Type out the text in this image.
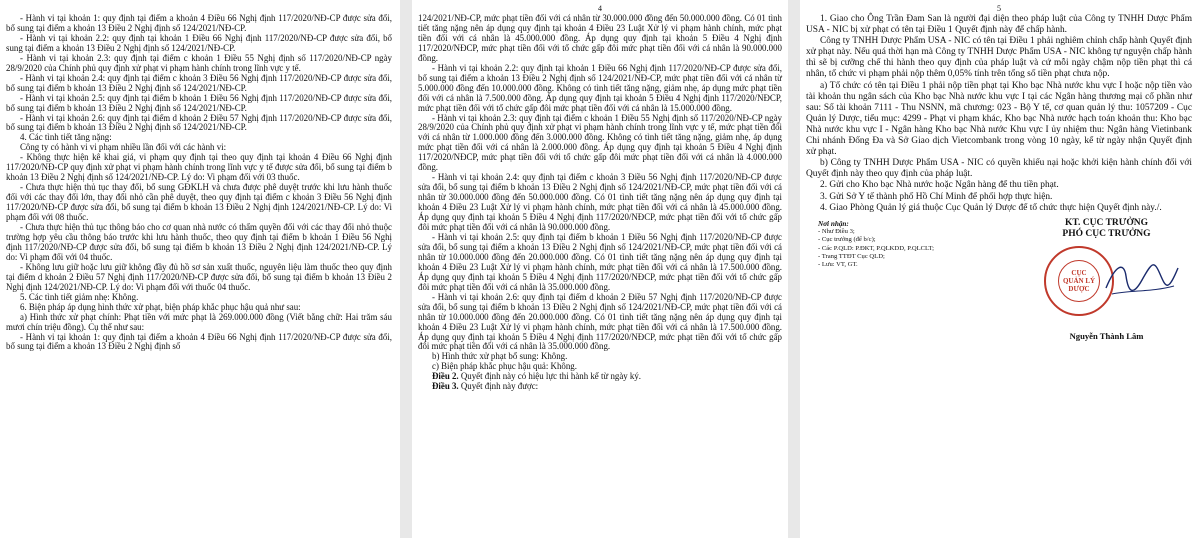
- Hành vi tại khoản 1: quy định tại điểm a khoản 4 Điều 66 Nghị định 117/2020/NĐ-CP được sửa đổi, bổ sung tại điểm a khoản 13 Điều 2 Nghị định số 124/2021/NĐ-CP.

- Hành vi tại khoản 2.2: quy định tại khoản 1 Điều 66 Nghị định 117/2020/NĐ-CP được sửa đổi, bổ sung tại điểm a khoản 13 Điều 2 Nghị định số 124/2021/NĐ-CP.

- Hành vi tại khoản 2.3: quy định tại điểm c khoản 1 Điều 55 Nghị định số 117/2020/NĐ-CP ngày 28/9/2020 của Chính phủ quy định xử phạt vi phạm hành chính trong lĩnh vực y tế.

- Hành vi tại khoản 2.4: quy định tại điểm c khoản 3 Điều 56 Nghị định 117/2020/NĐ-CP được sửa đổi, bổ sung tại điểm b khoản 13 Điều 2 Nghị định số 124/2021/NĐ-CP.

- Hành vi tại khoản 2.5: quy định tại điểm b khoản 1 Điều 56 Nghị định 117/2020/NĐ-CP được sửa đổi, bổ sung tại điểm b khoản 13 Điều 2 Nghị định số 124/2021/NĐ-CP.

- Hành vi tại khoản 2.6: quy định tại điểm d khoản 2 Điều 57 Nghị định 117/2020/NĐ-CP được sửa đổi, bổ sung tại điểm b khoản 13 Điều 2 Nghị định số 124/2021/NĐ-CP.

4. Các tình tiết tăng nặng:

Công ty có hành vi vi phạm nhiều lần đối với các hành vi:

- Không thực hiện kê khai giá, vi phạm quy định tại theo quy định tại khoản 4 Điều 66 Nghị định 117/2020/NĐ-CP quy định xử phạt vi phạm hành chính trong lĩnh vực y tế được sửa đổi, bổ sung tại điểm b khoản 13 Điều 2 Nghị định số 124/2021/NĐ-CP. Lý do: Vi phạm đối với 03 thuốc.

- Chưa thực hiện thủ tục thay đổi, bổ sung GĐKLH và chưa được phê duyệt trước khi lưu hành thuốc đối với các thay đổi lớn, thay đổi nhỏ cần phê duyệt, theo quy định tại điểm c khoản 3 Điều 56 Nghị định 117/2020/NĐ-CP được sửa đổi, bổ sung tại điểm b khoản 13 Điều 2 Nghị định 124/2021/NĐ-CP. Lý do: Vi phạm đối với 08 thuốc.

- Chưa thực hiện thủ tục thông báo cho cơ quan nhà nước có thẩm quyền đối với các thay đổi nhỏ thuộc trường hợp yêu cầu thông báo trước khi lưu hành thuốc, theo quy định tại điểm b khoản 1 Điều 56 Nghị định 117/2020/NĐ-CP được sửa đổi, bổ sung tại điểm b khoản 13 Điều 2 Nghị định 124/2021/NĐ-CP. Lý do: Vi phạm đối với 04 thuốc.

- Không lưu giữ hoặc lưu giữ không đầy đủ hồ sơ sản xuất thuốc, nguyên liệu làm thuốc theo quy định tại điểm d khoản 2 Điều 57 Nghị định 117/2020/NĐ-CP được sửa đổi, bổ sung tại điểm b khoản 13 Điều 2 Nghị định 124/2021/NĐ-CP. Lý do: Vi phạm đối với thuốc 04 thuốc.

5. Các tình tiết giảm nhẹ: Không.

6. Biện pháp áp dụng hình thức xử phạt, biện pháp khắc phục hậu quả như sau:

a) Hình thức xử phạt chính: Phạt tiền với mức phạt là 269.000.000 đồng (Viết bằng chữ: Hai trăm sáu mươi chín triệu đồng). Cụ thể như sau:

- Hành vi tại khoản 1: quy định tại điểm a khoản 4 Điều 66 Nghị định 117/2020/NĐ-CP được sửa đổi, bổ sung tại điểm a khoản 13 Điều 2 Nghị định số

4

124/2021/NĐ-CP, mức phạt tiền đối với cá nhân từ 30.000.000 đồng đến 50.000.000 đồng. Có 01 tình tiết tăng nặng nên áp dụng quy định tại khoản 4 Điều 23 Luật Xử lý vi phạm hành chính, mức phạt tiền đối với cá nhân là 45.000.000 đồng. Áp dụng quy định tại khoản 5 Điều 4 Nghị định 117/2020/NĐCP, mức phạt tiền đối với tổ chức gấp đôi mức phạt tiền đối với cá nhân là 90.000.000 đồng.

- Hành vi tại khoản 2.2: quy định tại khoản 1 Điều 66 Nghị định 117/2020/NĐ-CP được sửa đổi, bổ sung tại điểm a khoản 13 Điều 2 Nghị định số 124/2021/NĐ-CP, mức phạt tiền đối với cá nhân từ 5.000.000 đồng đến 10.000.000 đồng. Không có tình tiết tăng nặng, giảm nhẹ, áp dụng mức phạt tiền đối với cá nhân là 7.500.000 đồng. Áp dụng quy định tại khoản 5 Điều 4 Nghị định 117/2020/NĐCP, mức phạt tiền đối với tổ chức gấp đôi mức phạt tiền đối với cá nhân là 15.000.000 đồng.

- Hành vi tại khoản 2.3: quy định tại điểm c khoản 1 Điều 55 Nghị định số 117/2020/NĐ-CP ngày 28/9/2020 của Chính phủ quy định xử phạt vi phạm hành chính trong lĩnh vực y tế, mức phạt tiền đối với cá nhân từ 1.000.000 đồng đến 3.000.000 đồng. Không có tình tiết tăng nặng, giảm nhẹ, áp dụng mức phạt tiền đối với cá nhân là 2.000.000 đồng. Áp dụng quy định tại khoản 5 Điều 4 Nghị định 117/2020/NĐCP, mức phạt tiền đối với tổ chức gấp đôi mức phạt tiền đối với cá nhân là 4.000.000 đồng.

- Hành vi tại khoản 2.4: quy định tại điểm c khoản 3 Điều 56 Nghị định 117/2020/NĐ-CP được sửa đổi, bổ sung tại điểm b khoản 13 Điều 2 Nghị định số 124/2021/NĐ-CP, mức phạt tiền đối với cá nhân từ 30.000.000 đồng đến 50.000.000 đồng. Có 01 tình tiết tăng nặng nên áp dụng quy định tại khoản 4 Điều 23 Luật Xử lý vi phạm hành chính, mức phạt tiền đối với cá nhân là 45.000.000 đồng. Áp dụng quy định tại khoản 5 Điều 4 Nghị định 117/2020/NĐCP, mức phạt tiền đối với tổ chức gấp đôi mức phạt tiền đối với cá nhân là 90.000.000 đồng.

- Hành vi tại khoản 2.5: quy định tại điểm b khoản 1 Điều 56 Nghị định 117/2020/NĐ-CP được sửa đổi, bổ sung tại điểm a khoản 13 Điều 2 Nghị định số 124/2021/NĐ-CP, mức phạt tiền đối với cá nhân từ 10.000.000 đồng đến 20.000.000 đồng. Có 01 tình tiết tăng nặng nên áp dụng quy định tại khoản 4 Điều 23 Luật Xử lý vi phạm hành chính, mức phạt tiền đối với cá nhân là 17.500.000 đồng. Áp dụng quy định tại khoản 5 Điều 4 Nghị định 117/2020/NĐCP, mức phạt tiền đối với tổ chức gấp đôi mức phạt tiền đối với cá nhân là 35.000.000 đồng.

- Hành vi tại khoản 2.6: quy định tại điểm d khoản 2 Điều 57 Nghị định 117/2020/NĐ-CP được sửa đổi, bổ sung tại điểm b khoản 13 Điều 2 Nghị định số 124/2021/NĐ-CP, mức phạt tiền đối với cá nhân từ 10.000.000 đồng đến 20.000.000 đồng. Có 01 tình tiết tăng nặng nên áp dụng quy định tại khoản 4 Điều 23 Luật Xử lý vi phạm hành chính, mức phạt tiền đối với cá nhân là 17.500.000 đồng. Áp dụng quy định tại khoản 5 Điều 4 Nghị định 117/2020/NĐCP, mức phạt tiền đối với tổ chức gấp đôi mức phạt tiền đối với cá nhân là 35.000.000 đồng.

b) Hình thức xử phạt bổ sung: Không.

c) Biện pháp khắc phục hậu quả: Không.

Điều 2. Quyết định này có hiệu lực thi hành kể từ ngày ký.

Điều 3. Quyết định này được:

5

1. Giao cho Ông Trần Đam San là người đại diện theo pháp luật của Công ty TNHH Dược Phẩm USA - NIC bị xử phạt có tên tại Điều 1 Quyết định này để chấp hành.

Công ty TNHH Dược Phẩm USA - NIC có tên tại Điều 1 phải nghiêm chỉnh chấp hành Quyết định xử phạt này. Nếu quá thời hạn mà Công ty TNHH Dược Phẩm USA - NIC không tự nguyện chấp hành thì sẽ bị cưỡng chế thi hành theo quy định của pháp luật và cứ mỗi ngày chậm nộp tiền phạt thì cá nhân, tổ chức vi phạm phải nộp thêm 0,05% tính trên tổng số tiền phạt chưa nộp.

a) Tổ chức có tên tại Điều 1 phải nộp tiền phạt tại Kho bạc Nhà nước khu vực I hoặc nộp tiền vào tài khoản thu ngân sách của Kho bạc Nhà nước khu vực I tại các Ngân hàng thương mại cổ phần như sau: Số tài khoản 7111 - Thu NSNN, mã chương: 023 - Bộ Y tế, cơ quan quản lý thu: 1057209 - Cục Quản lý Dược, tiểu mục: 4299 - Phạt vi phạm khác, Kho bạc Nhà nước hạch toán khoản thu: Kho bạc Nhà nước khu vực I - Ngân hàng Kho bạc Nhà nước Khu vực I ủy nhiệm thu: Ngân hàng Vietinbank Chi nhánh Đống Đa và Sở Giao dịch Vietcombank trong vòng 10 ngày, kể từ ngày nhận Quyết định xử phạt.

b) Công ty TNHH Dược Phẩm USA - NIC có quyền khiếu nại hoặc khởi kiện hành chính đối với Quyết định này theo quy định của pháp luật.

2. Gửi cho Kho bạc Nhà nước hoặc Ngân hàng để thu tiền phạt.

3. Gửi Sở Y tế thành phố Hồ Chí Minh để phối hợp thực hiện.

4. Giao Phòng Quản lý giá thuộc Cục Quản lý Dược để tổ chức thực hiện Quyết định này./.

Nơi nhận:
- Như Điều 3;
- Cục trưởng (để b/c);
- Các P.QLD: P.ĐKT, P.QLKDD, P.QLCLT;
- Trang TTĐT Cục QLD;
- Lưu: VT, GT.
KT. CỤC TRƯỞNG
PHÓ CỤC TRƯỞNG
CỤC
QUẢN LÝ
DƯỢC
Nguyễn Thành Lâm
